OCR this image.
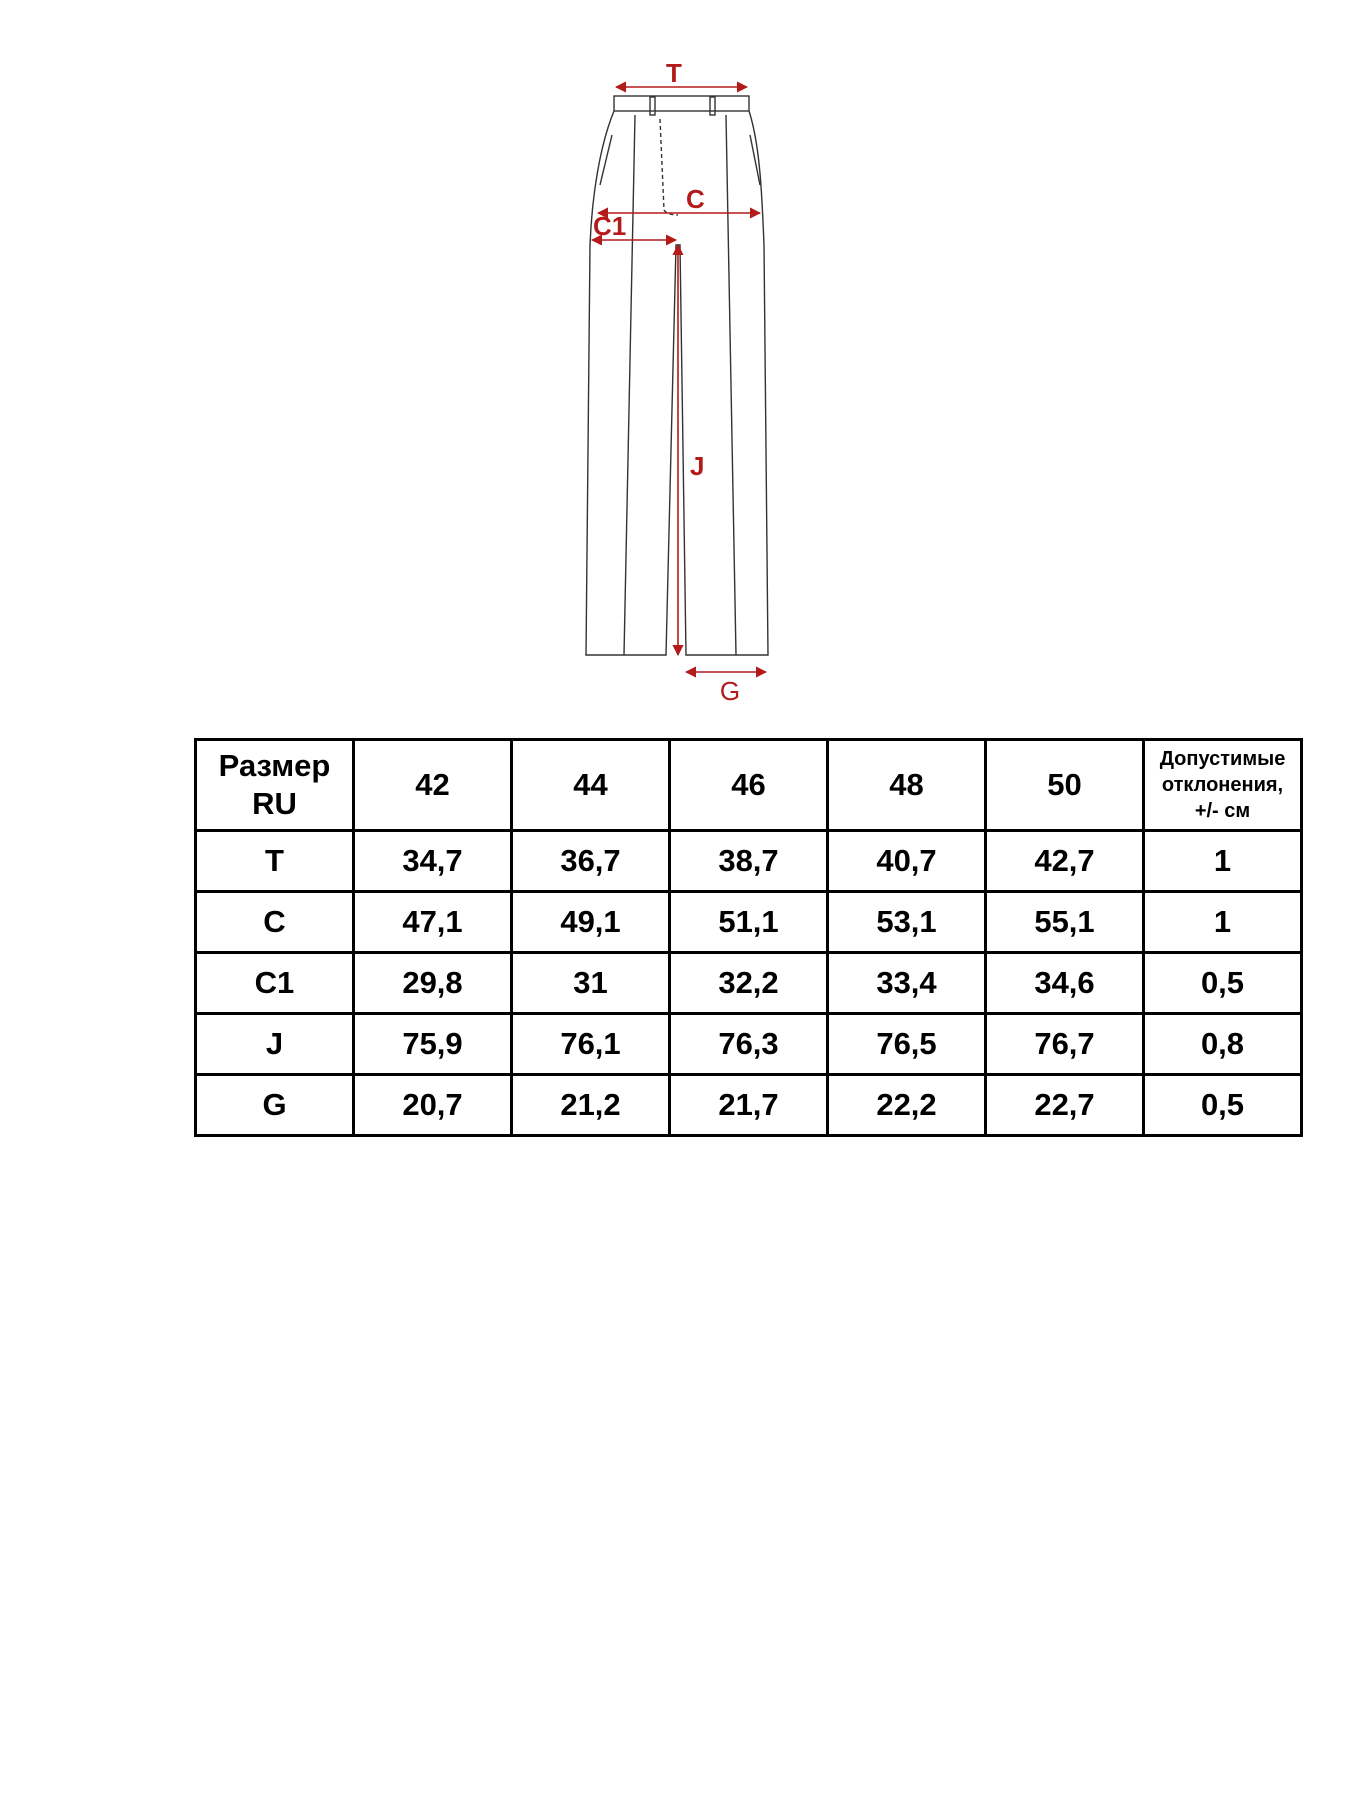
T
C
C1
J
G
Размер
RU	42	44	46	48	50	Допустимые
отклонения,
+/- см

T	34,7	36,7	38,7	40,7	42,7	1
C	47,1	49,1	51,1	53,1	55,1	1
C1	29,8	31	32,2	33,4	34,6	0,5
J	75,9	76,1	76,3	76,5	76,7	0,8
G	20,7	21,2	21,7	22,2	22,7	0,5
